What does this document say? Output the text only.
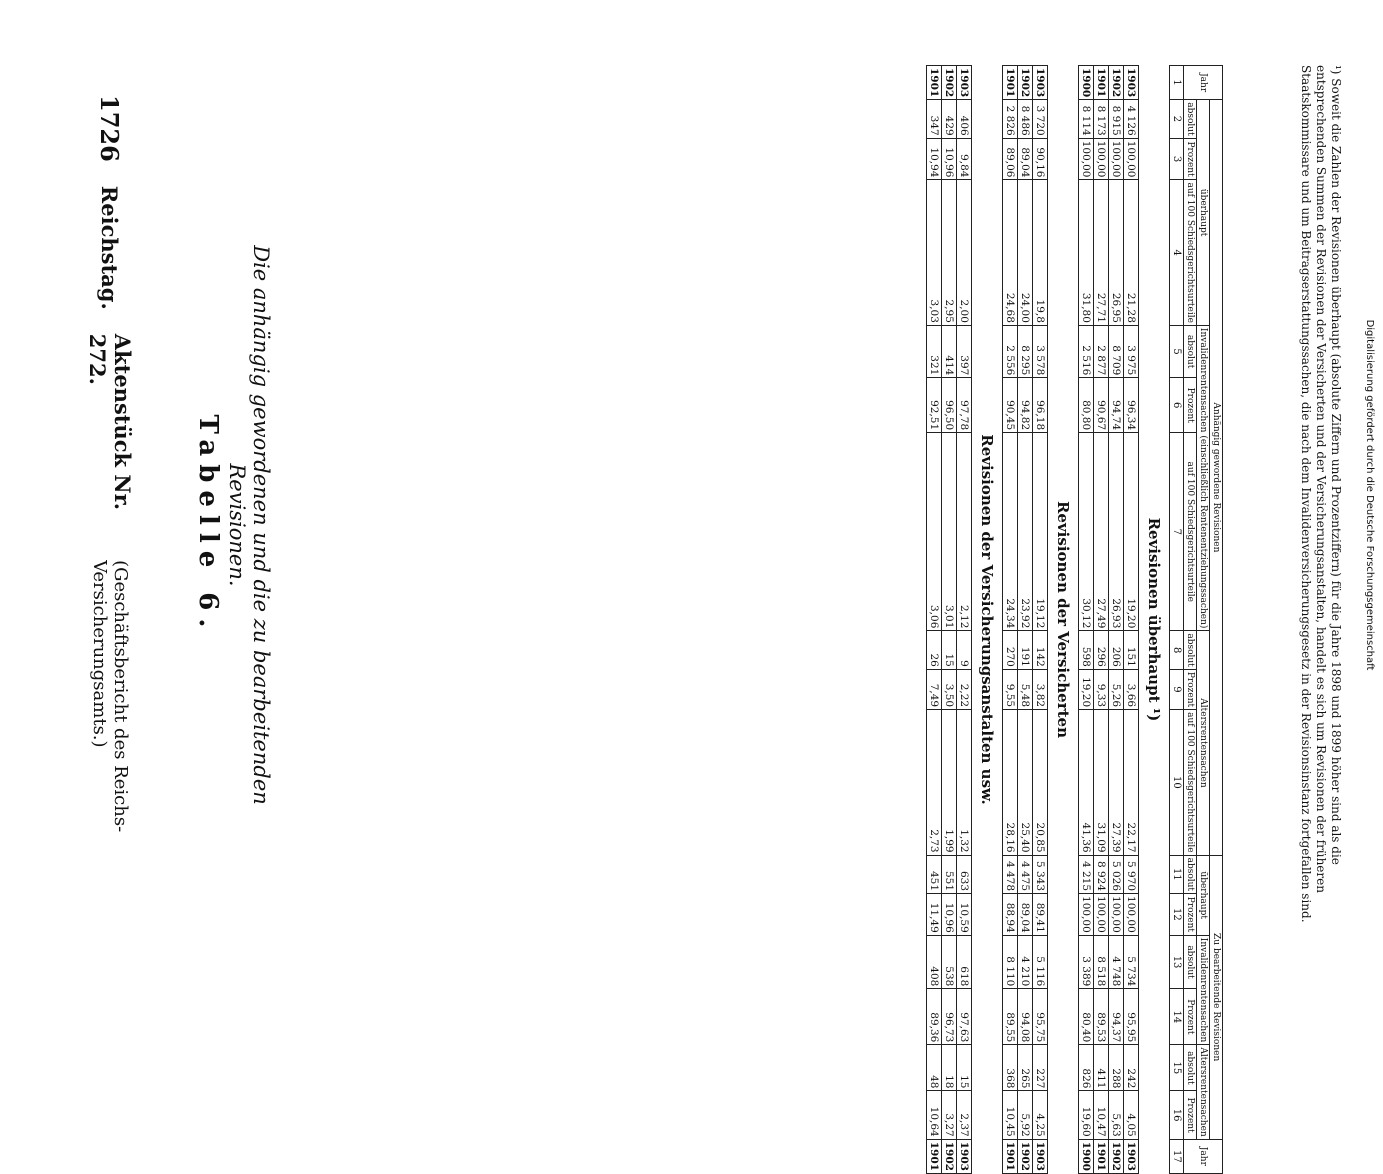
1726
Reichstag.
Aktenstück Nr. 272.
(Geschäftsbericht des Reichs-Versicherungsamts.)
Tabelle 6.	Die anhängig gewordenen und die zu bearbeitenden Revisionen.
Jahr	Anhängig gewordene Revisionen									Zu bearbeitende Revisionen						Jahr
	überhaupt			Invalidenrentensachen (einschließlich Rentenentziehungssachen)			Altersrentensachen			überhaupt		Invalidenrentensachen		Altersrentensachen		
	absolut	Prozent	auf 100 Schiedsgerichtsurteile	absolut	Prozent	auf 100 Schiedsgerichtsurteile	absolut	Prozent	auf 100 Schiedsgerichtsurteile	absolut	Prozent	absolut	Prozent	absolut	Prozent	
1	2	3	4	5	6	7	8	9	10	11	12	13	14	15	16	17
Revisionen überhaupt ¹)																
1903	4 126	100,00	21,28	3 975	96,34	19,20	151	3,66	22,17	5 970	100,00	5 734	95,95	242	4,05	1903
1902	8 915	100,00	26,95	8 709	94,74	26,93	206	5,26	27,39	5 026	100,00	4 748	94,37	288	5,63	1902
1901	8 173	100,00	27,71	2 877	90,67	27,49	296	9,33	31,09	8 924	100,00	8 518	89,53	411	10,47	1901
1900	8 114	100,00	31,80	2 516	80,80	30,12	598	19,20	41,36	4 215	100,00	3 389	80,40	826	19,60	1900
Revisionen der Versicherten																
1903	3 720	90,16	19,8	3 578	96,18	19,12	142	3,82	20,85	5 343	89,41	5 116	95,75	227	4,25	1903
1902	8 486	89,04	24,00	8 295	94,82	23,92	191	5,48	25,40	4 475	89,04	4 210	94,08	265	5,92	1902
1901	2 826	89,06	24,68	2 556	90,45	24,34	270	9,55	28,16	4 478	88,94	8 110	89,55	368	10,45	1901
Revisionen der Versicherungsanstalten usw.																
1903	406	9,84	2,00	397	97,78	2,12	9	2,22	1,32	633	10,59	618	97,63	15	2,37	1903
1902	429	10,96	2,95	414	96,50	3,01	15	3,50	1,99	551	10,96	538	96,73	18	3,27	1902
1901	347	10,94	3,03	321	92,51	3,06	26	7,49	2,73	451	11,49	408	89,36	48	10,64	1901
¹) Soweit die Zahlen der Revisionen überhaupt (absolute Ziffern und Prozentziffern) für die Jahre 1898 und 1899 höher sind als die entsprechenden Summen der Revisionen der Versicherten und der Versicherungsanstalten, handelt es sich um Revisionen der früheren Staatskommissare und um Beitragserstattungssachen, die nach dem Invalidenversicherungsgesetz in der Revisionsinstanz fortgefallen sind.	Digitalisierung gefördert durch die Deutsche Forschungsgemeinschaft
